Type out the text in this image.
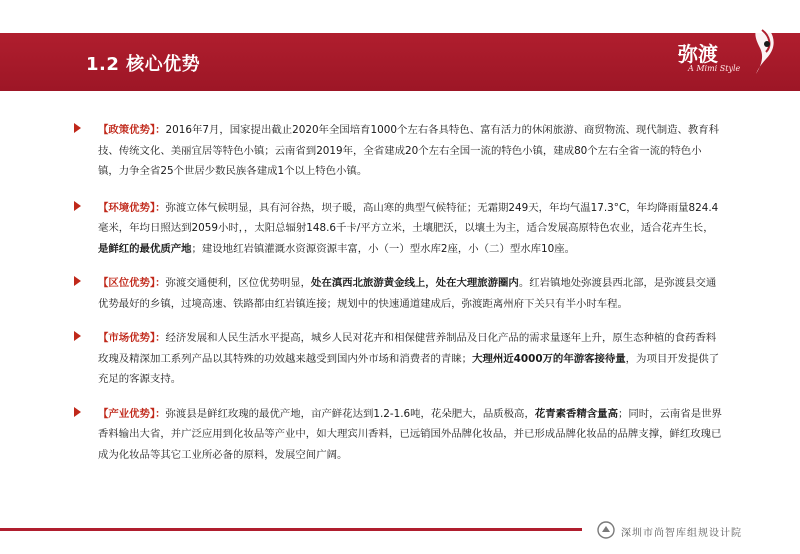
1.2 核心优势	弥渡
A Mimi Style

【政策优势】：2016年7月，国家提出截止2020年全国培育1000个左右各具特色、富有活力的休闲旅游、商贸物流、现代制造、教育科技、传统文化、美丽宜居等特色小镇；云南省到2019年，全省建成20个左右全国一流的特色小镇，建成80个左右全省一流的特色小镇，力争全省25个世居少数民族各建成1个以上特色小镇。

【环境优势】：弥渡立体气候明显，具有河谷热，坝子暖，高山寒的典型气候特征；无霜期249天，年均气温17.3°C，年均降雨量824.4毫米，年均日照达到2059小时，，太阳总辐射148.6千卡/平方立米，土壤肥沃，以壤土为主，适合发展高原特色农业，适合花卉生长，是鲜红的最优质产地；建设地红岩镇灌溉水资源资源丰富，小（一）型水库2座，小（二）型水库10座。

【区位优势】：弥渡交通便利，区位优势明显，处在滇西北旅游黄金线上，处在大理旅游圈内。红岩镇地处弥渡县西北部，是弥渡县交通优势最好的乡镇，过境高速、铁路都由红岩镇连接；规划中的快速通道建成后，弥渡距离州府下关只有半小时车程。

【市场优势】：经济发展和人民生活水平提高，城乡人民对花卉和相保健营养制品及日化产品的需求量逐年上升，原生态种植的食药香料玫瑰及精深加工系列产品以其特殊的功效越来越受到国内外市场和消费者的青睐；大理州近4000万的年游客接待量，为项目开发提供了充足的客源支持。

【产业优势】：弥渡县是鲜红玫瑰的最优产地，亩产鲜花达到1.2-1.6吨，花朵肥大，品质极高，花青素香精含量高；同时，云南省是世界香料输出大省，并广泛应用到化妆品等产业中，如大理宾川香料，已远销国外品牌化妆品，并已形成品牌化妆品的品牌支撑，鲜红玫瑰已成为化妆品等其它工业所必备的原料，发展空间广阔。

深圳市尚智库组规设计院
